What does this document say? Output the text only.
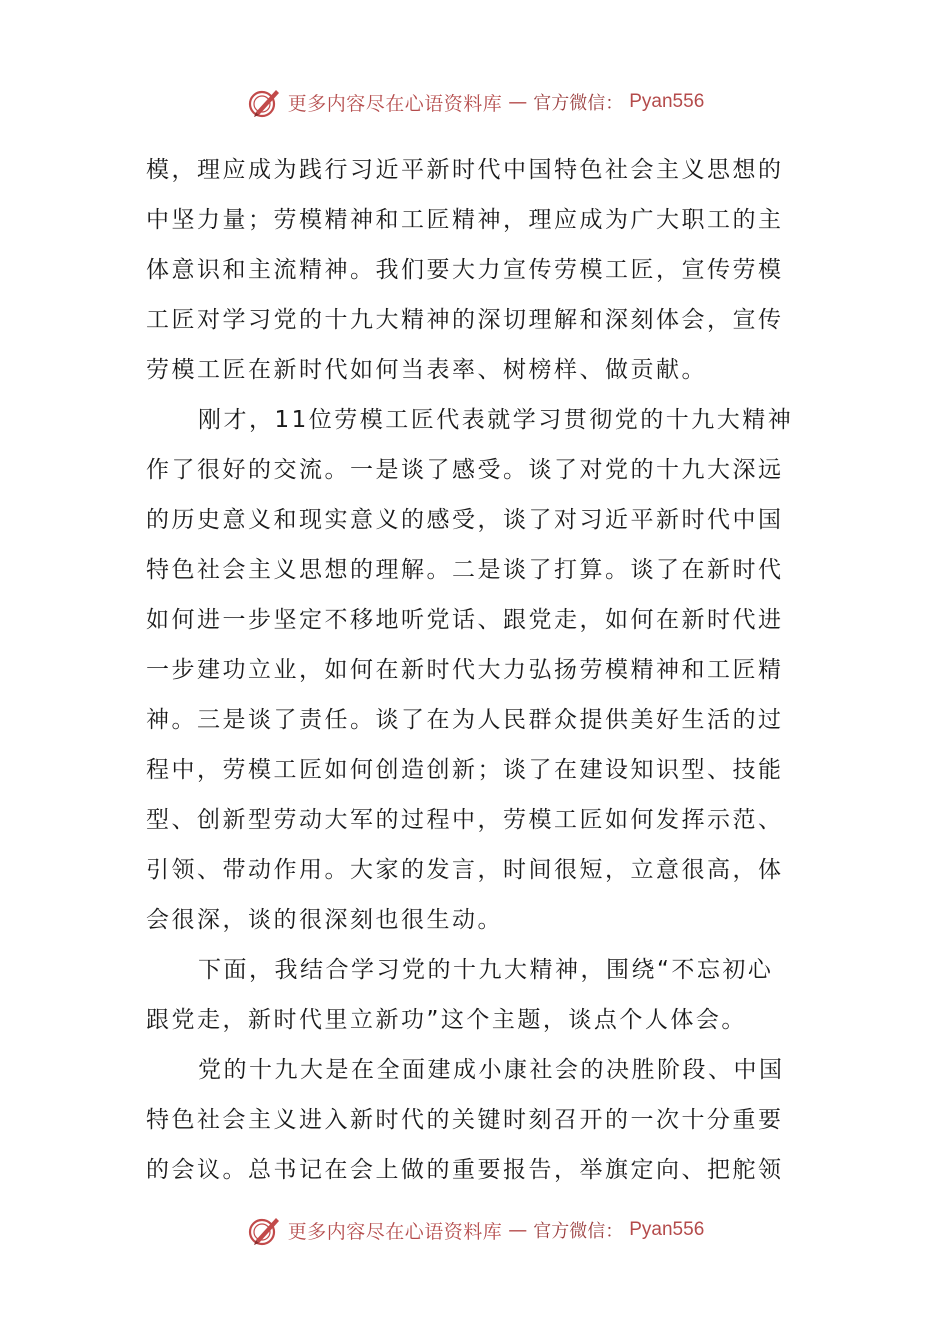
更多内容尽在心语资料库 — 官方微信： Pyan556
模，理应成为践行习近平新时代中国特色社会主义思想的
中坚力量；劳模精神和工匠精神，理应成为广大职工的主
体意识和主流精神。我们要大力宣传劳模工匠，宣传劳模
工匠对学习党的十九大精神的深切理解和深刻体会，宣传
劳模工匠在新时代如何当表率、树榜样、做贡献。
刚才，11位劳模工匠代表就学习贯彻党的十九大精神
作了很好的交流。一是谈了感受。谈了对党的十九大深远
的历史意义和现实意义的感受，谈了对习近平新时代中国
特色社会主义思想的理解。二是谈了打算。谈了在新时代
如何进一步坚定不移地听党话、跟党走，如何在新时代进
一步建功立业，如何在新时代大力弘扬劳模精神和工匠精
神。三是谈了责任。谈了在为人民群众提供美好生活的过
程中，劳模工匠如何创造创新；谈了在建设知识型、技能
型、创新型劳动大军的过程中，劳模工匠如何发挥示范、
引领、带动作用。大家的发言，时间很短，立意很高，体
会很深，谈的很深刻也很生动。
下面，我结合学习党的十九大精神，围绕“不忘初心
跟党走，新时代里立新功”这个主题，谈点个人体会。
党的十九大是在全面建成小康社会的决胜阶段、中国
特色社会主义进入新时代的关键时刻召开的一次十分重要
的会议。总书记在会上做的重要报告，举旗定向、把舵领
更多内容尽在心语资料库 — 官方微信： Pyan556
